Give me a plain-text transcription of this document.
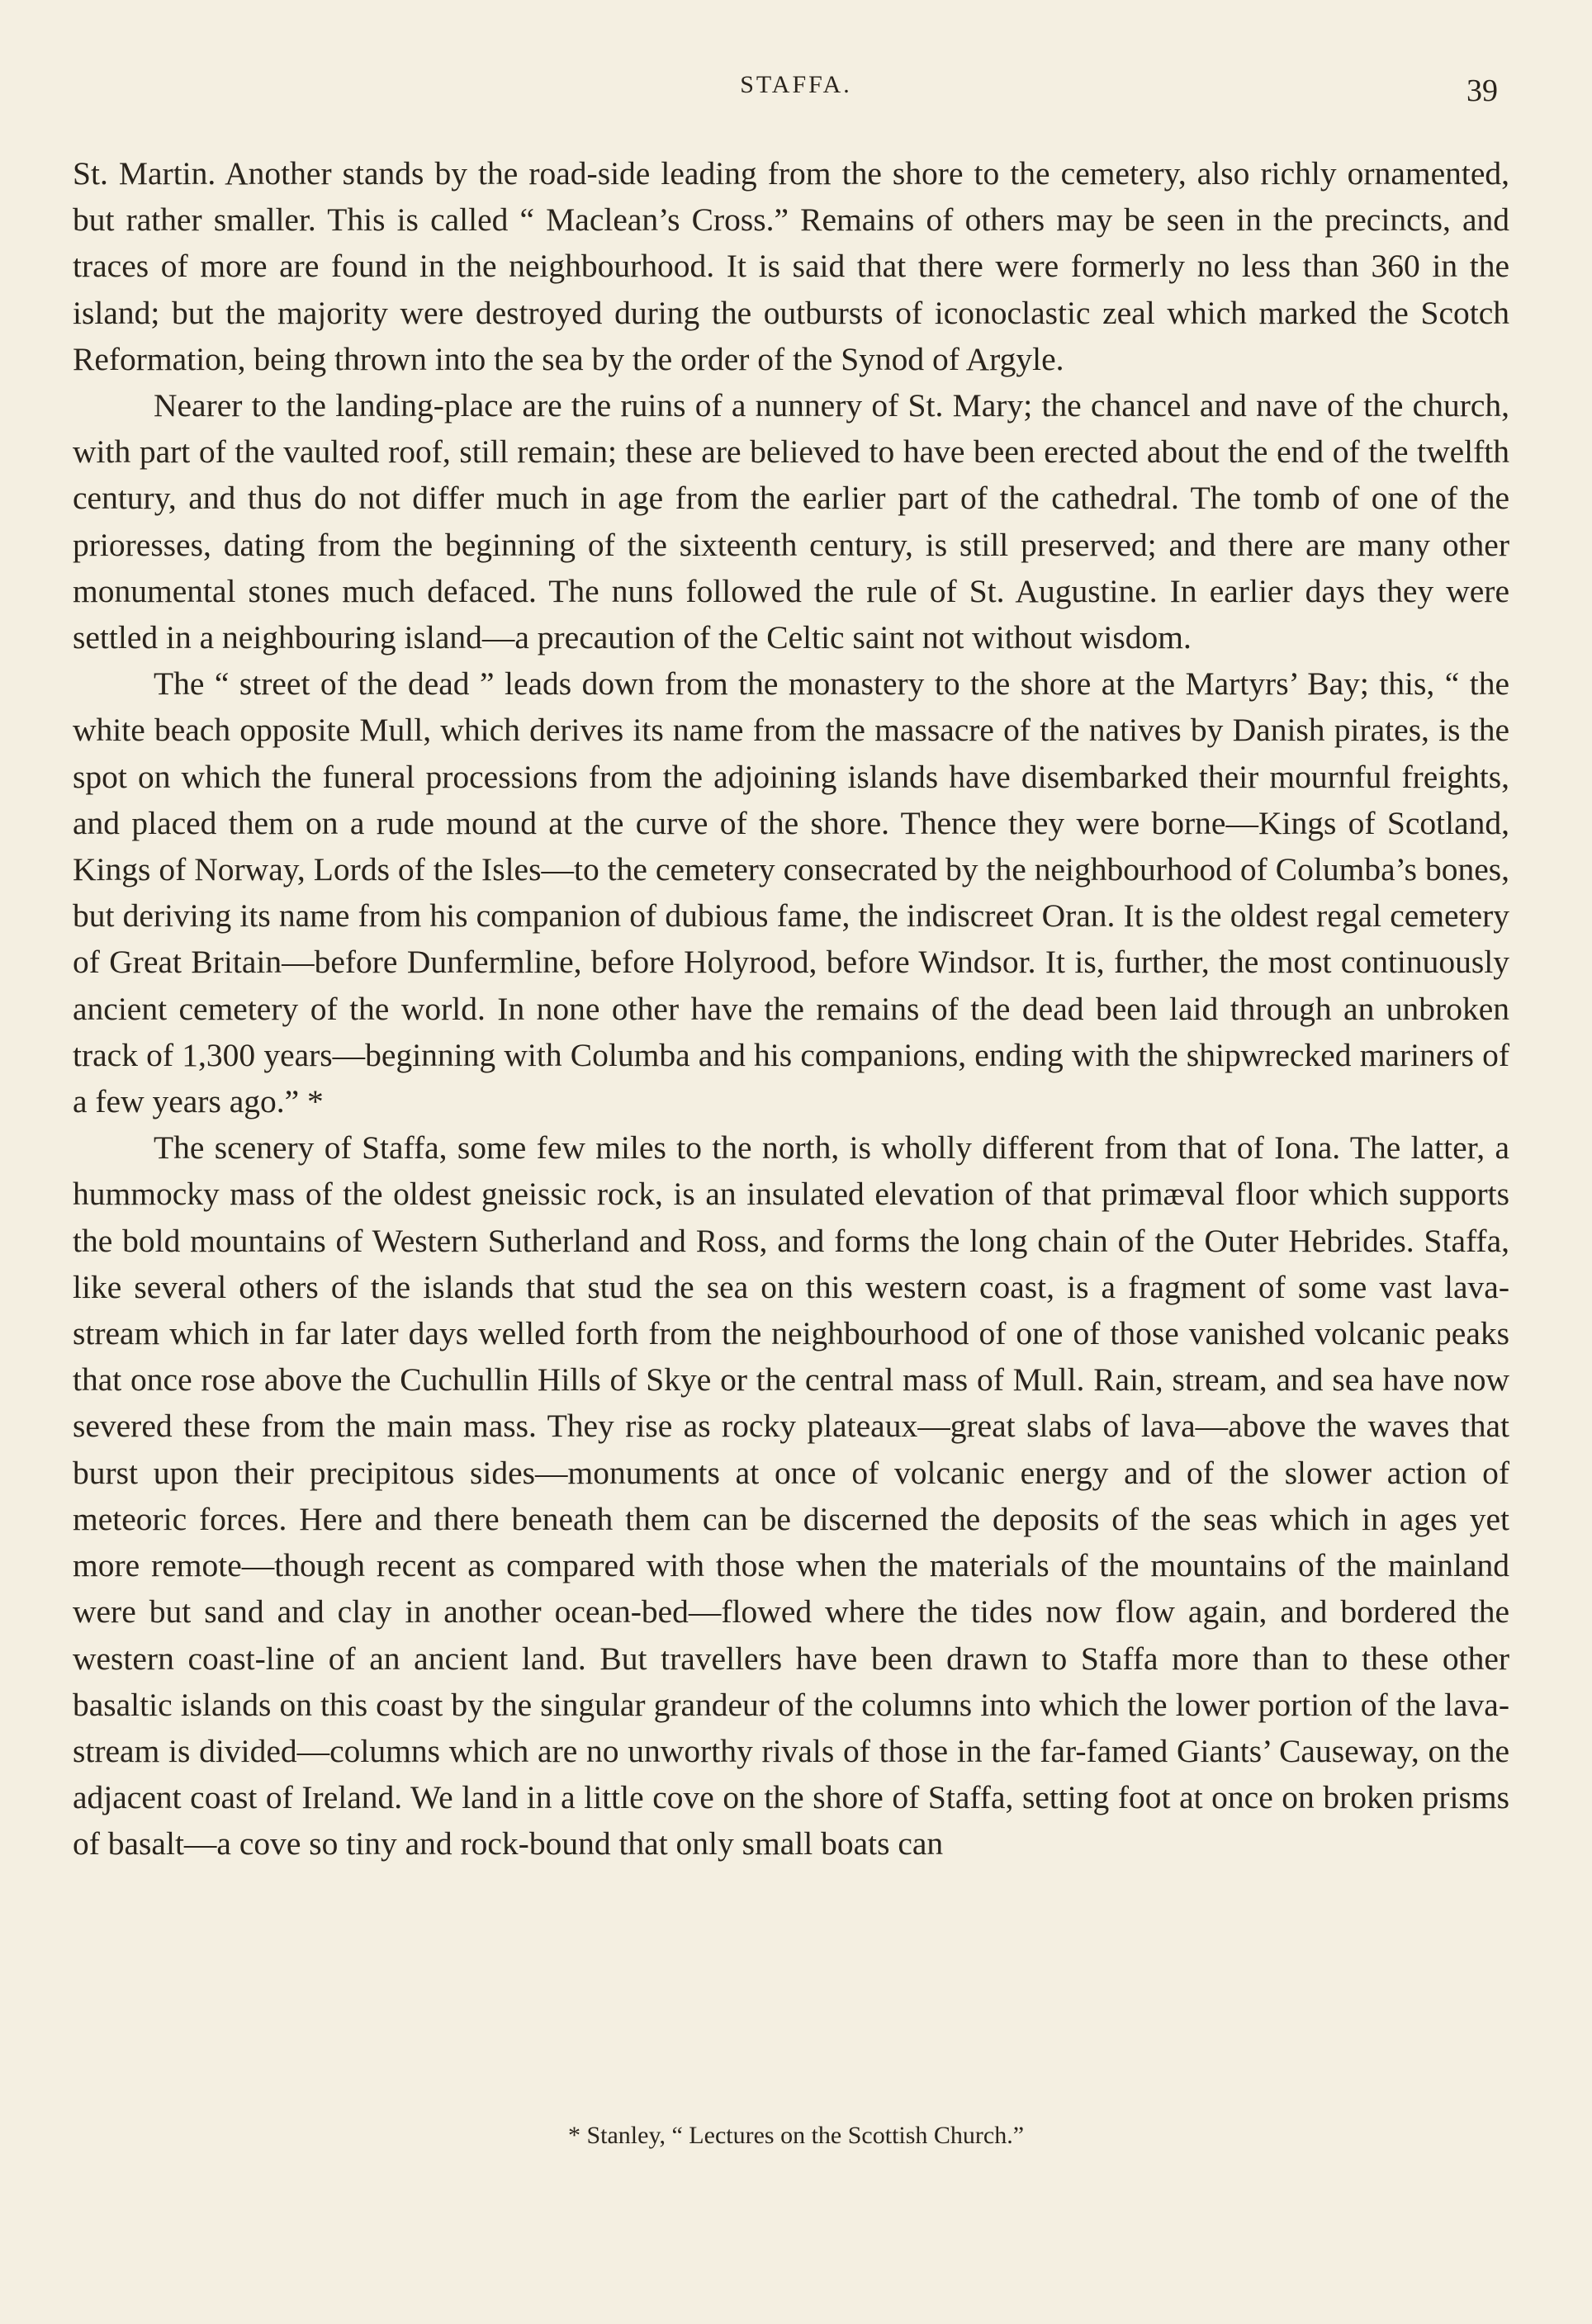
STAFFA.	39

St. Martin. Another stands by the road-side leading from the shore to the cemetery, also richly ornamented, but rather smaller. This is called “ Maclean’s Cross.” Remains of others may be seen in the precincts, and traces of more are found in the neighbourhood. It is said that there were formerly no less than 360 in the island; but the majority were destroyed during the outbursts of iconoclastic zeal which marked the Scotch Reformation, being thrown into the sea by the order of the Synod of Argyle.

Nearer to the landing-place are the ruins of a nunnery of St. Mary; the chancel and nave of the church, with part of the vaulted roof, still remain; these are believed to have been erected about the end of the twelfth century, and thus do not differ much in age from the earlier part of the cathedral. The tomb of one of the prioresses, dating from the beginning of the sixteenth century, is still preserved; and there are many other monumental stones much defaced. The nuns followed the rule of St. Augustine. In earlier days they were settled in a neighbouring island—a precaution of the Celtic saint not without wisdom.

The “ street of the dead ” leads down from the monastery to the shore at the Martyrs’ Bay; this, “ the white beach opposite Mull, which derives its name from the massacre of the natives by Danish pirates, is the spot on which the funeral processions from the adjoining islands have disembarked their mournful freights, and placed them on a rude mound at the curve of the shore. Thence they were borne—Kings of Scotland, Kings of Norway, Lords of the Isles—to the cemetery consecrated by the neighbourhood of Columba’s bones, but deriving its name from his companion of dubious fame, the indiscreet Oran. It is the oldest regal cemetery of Great Britain—before Dunfermline, before Holyrood, before Windsor. It is, further, the most continuously ancient cemetery of the world. In none other have the remains of the dead been laid through an unbroken track of 1,300 years—beginning with Columba and his companions, ending with the shipwrecked mariners of a few years ago.” *

The scenery of Staffa, some few miles to the north, is wholly different from that of Iona. The latter, a hummocky mass of the oldest gneissic rock, is an insulated elevation of that primæval floor which supports the bold mountains of Western Sutherland and Ross, and forms the long chain of the Outer Hebrides. Staffa, like several others of the islands that stud the sea on this western coast, is a fragment of some vast lava-stream which in far later days welled forth from the neighbourhood of one of those vanished volcanic peaks that once rose above the Cuchullin Hills of Skye or the central mass of Mull. Rain, stream, and sea have now severed these from the main mass. They rise as rocky plateaux—great slabs of lava—above the waves that burst upon their precipitous sides—monuments at once of volcanic energy and of the slower action of meteoric forces. Here and there beneath them can be discerned the deposits of the seas which in ages yet more remote—though recent as compared with those when the materials of the mountains of the mainland were but sand and clay in another ocean-bed—flowed where the tides now flow again, and bordered the western coast-line of an ancient land. But travellers have been drawn to Staffa more than to these other basaltic islands on this coast by the singular grandeur of the columns into which the lower portion of the lava-stream is divided—columns which are no unworthy rivals of those in the far-famed Giants’ Causeway, on the adjacent coast of Ireland. We land in a little cove on the shore of Staffa, setting foot at once on broken prisms of basalt—a cove so tiny and rock-bound that only small boats can

* Stanley, “ Lectures on the Scottish Church.”
